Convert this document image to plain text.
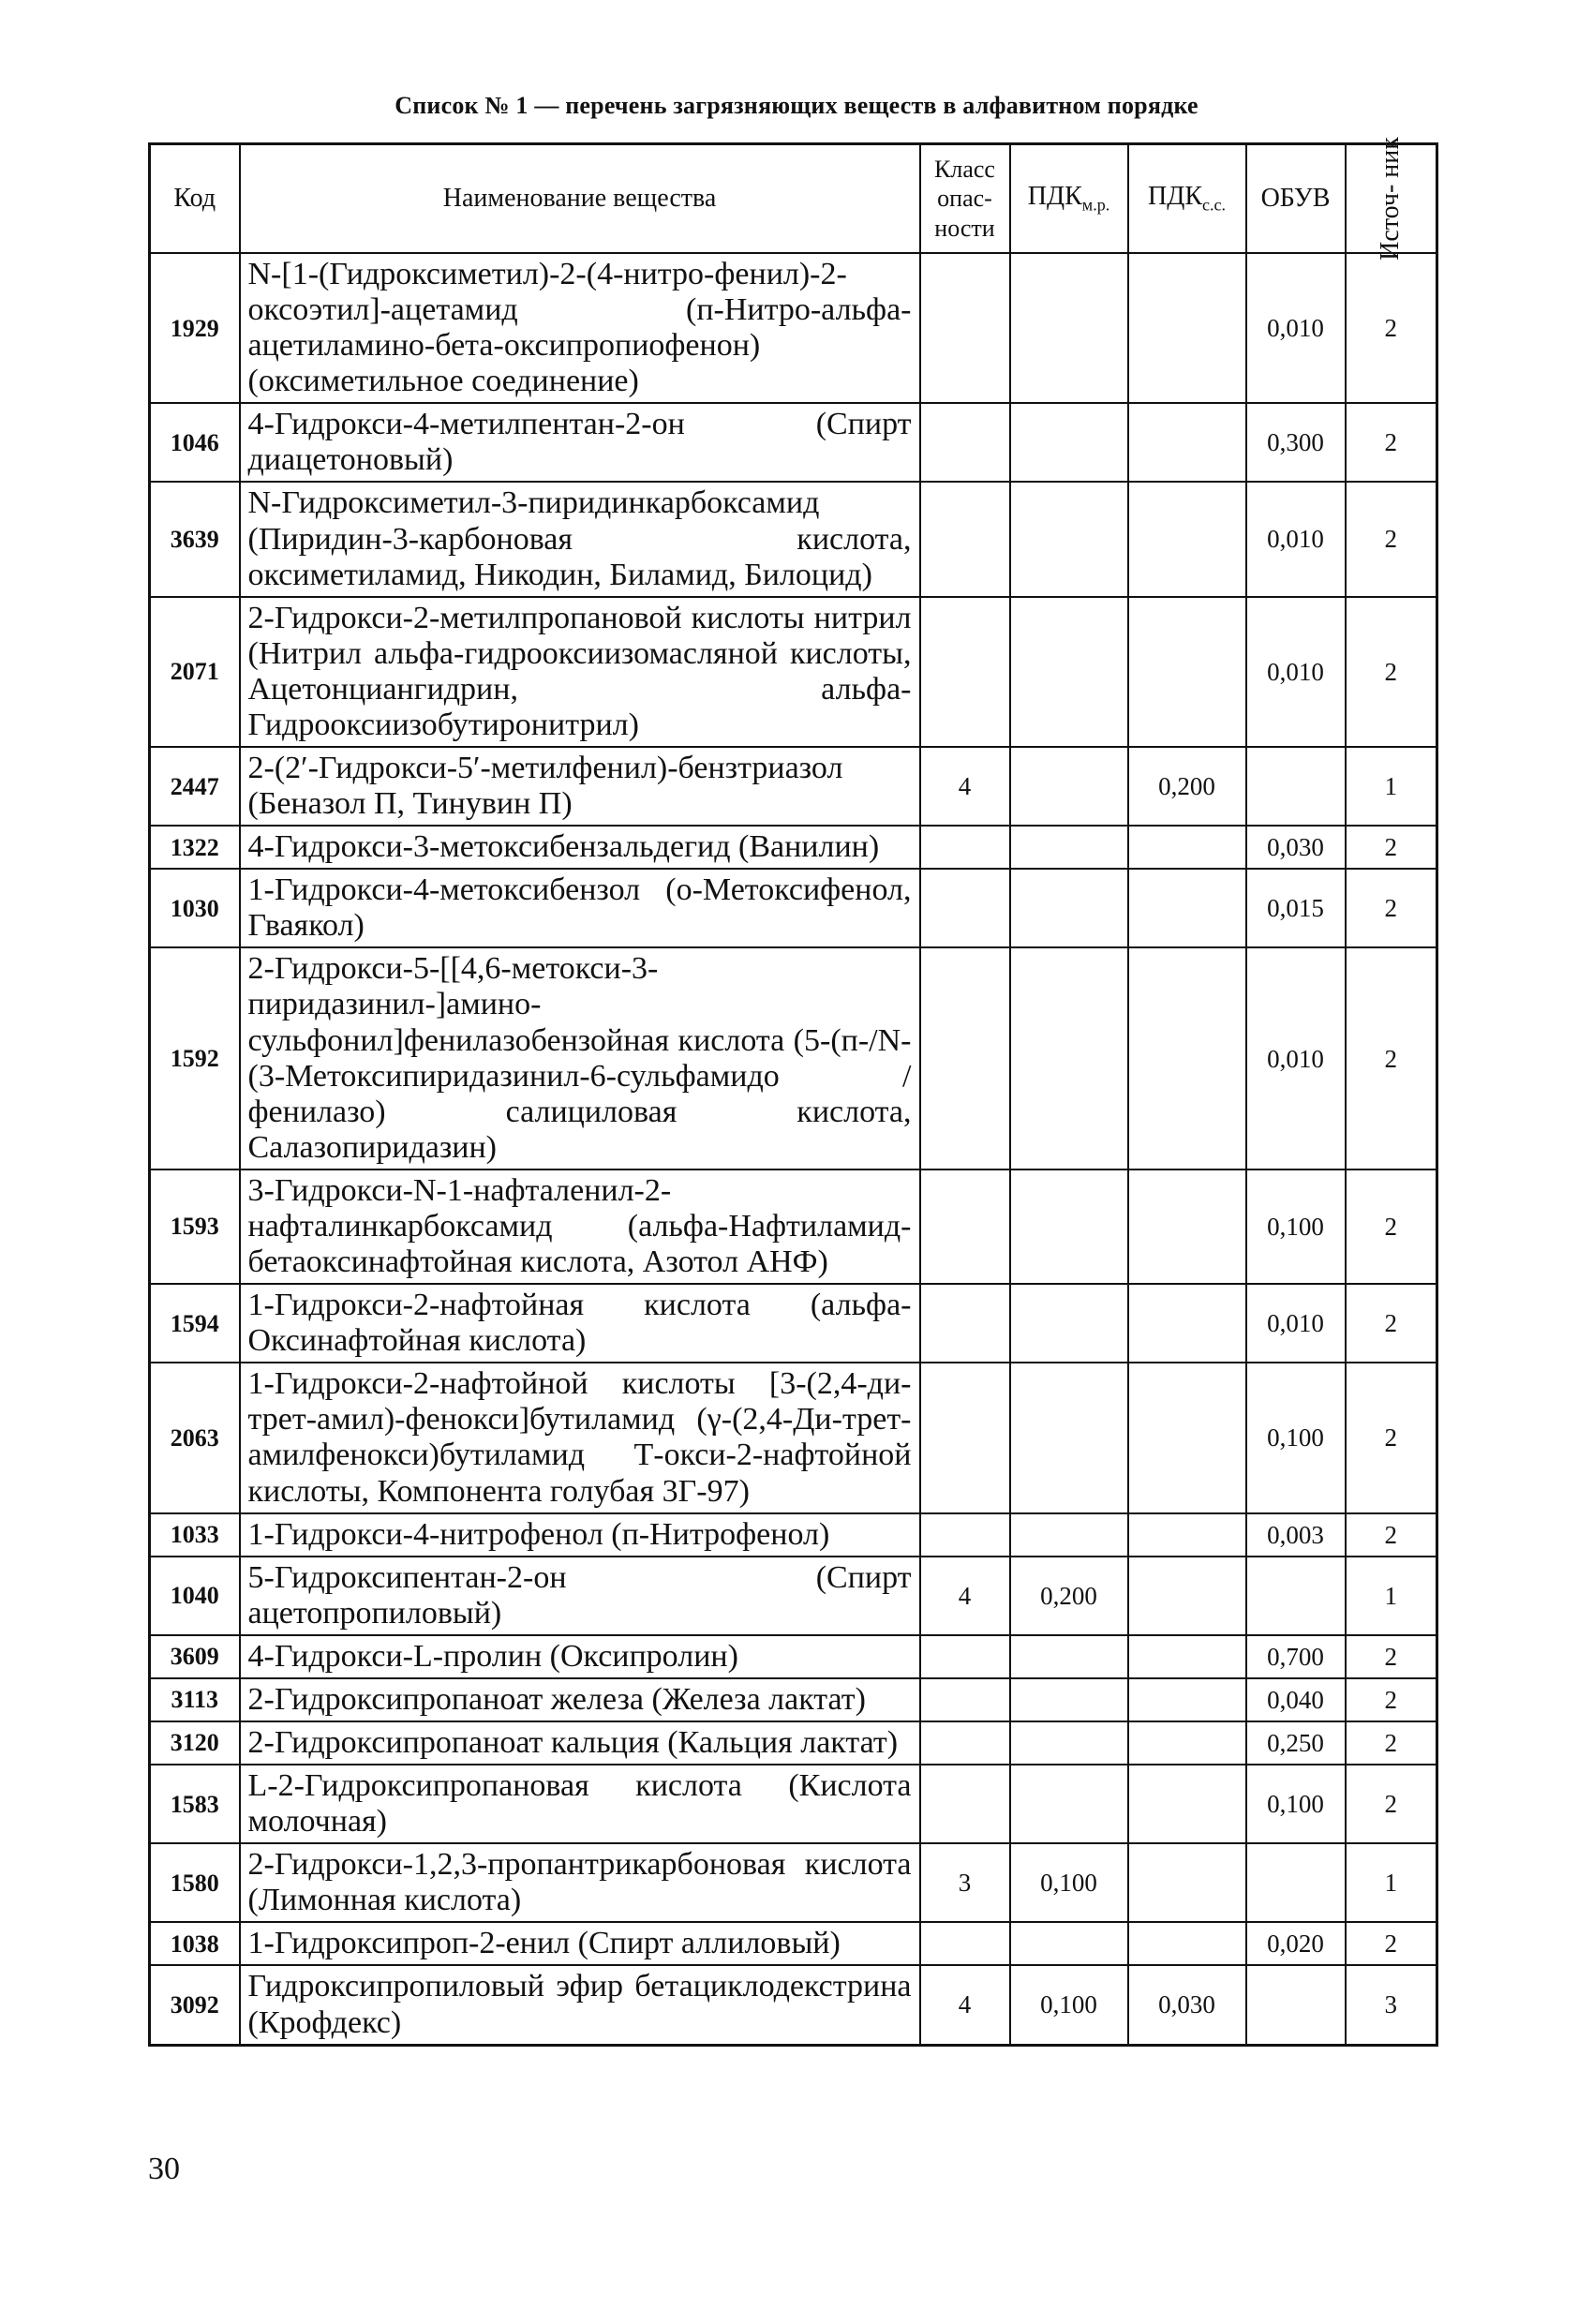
Список № 1 — перечень загрязняющих веществ в алфавитном порядке
Код	Наименование вещества	Класс опас- ности	$ПДК_{м.р.}$	$ПДК_{с.с.}$	ОБУВ	Источ- ник

1929	N-[1-(Гидроксиметил)-2-(4-нитро-фенил)-2-оксоэтил]-ацетамид (п-Нитро-альфа-ацетиламино-бета-оксипропиофенон) (оксиметильное соединение)				0,010	2
1046	4-Гидрокси-4-метилпентан-2-он (Спирт диацетоновый)				0,300	2
3639	N-Гидроксиметил-3-пиридинкарбоксамид (Пиридин-3-карбоновая кислота, оксиметиламид, Никодин, Биламид, Билоцид)				0,010	2
2071	2-Гидрокси-2-метилпропановой кислоты нитрил (Нитрил альфа-гидрооксиизомасляной кислоты, Ацетонциангидрин, альфа-Гидрооксиизобутиронитрил)				0,010	2
2447	2-(2′-Гидрокси-5′-метилфенил)-бензтриазол (Беназол П, Тинувин П)	4		0,200		1
1322	4-Гидрокси-3-метоксибензальдегид (Ванилин)				0,030	2
1030	1-Гидрокси-4-метоксибензол (о-Метоксифенол, Гваякол)				0,015	2
1592	2-Гидрокси-5-[[4,6-метокси-3-пиридазинил-]амино-сульфонил]фенилазобензойная кислота (5-(п-/N-(3-Метоксипиридазинил-6-сульфамидо / фенилазо) салициловая кислота, Салазопиридазин)				0,010	2
1593	3-Гидрокси-N-1-нафталенил-2-нафталинкарбоксамид (альфа-Нафтиламид-бетаоксинафтойная кислота, Азотол АНФ)				0,100	2
1594	1-Гидрокси-2-нафтойная кислота (альфа-Оксинафтойная кислота)				0,010	2
2063	1-Гидрокси-2-нафтойной кислоты [3-(2,4-ди-трет-амил)-фенокси]бутиламид (γ-(2,4-Ди-трет-амилфенокси)бутиламид Т-окси-2-нафтойной кислоты, Компонента голубая 3Г-97)				0,100	2
1033	1-Гидрокси-4-нитрофенол (п-Нитрофенол)				0,003	2
1040	5-Гидроксипентан-2-он (Спирт ацетопропиловый)	4	0,200			1
3609	4-Гидрокси-L-пролин (Оксипролин)				0,700	2
3113	2-Гидроксипропаноат железа (Железа лактат)				0,040	2
3120	2-Гидроксипропаноат кальция (Кальция лактат)				0,250	2
1583	L-2-Гидроксипропановая кислота (Кислота молочная)				0,100	2
1580	2-Гидрокси-1,2,3-пропантрикарбоновая кислота (Лимонная кислота)	3	0,100			1
1038	1-Гидроксипроп-2-енил (Спирт аллиловый)				0,020	2
3092	Гидроксипропиловый эфир бетациклодекстрина (Крофдекс)	4	0,100	0,030		3
30
